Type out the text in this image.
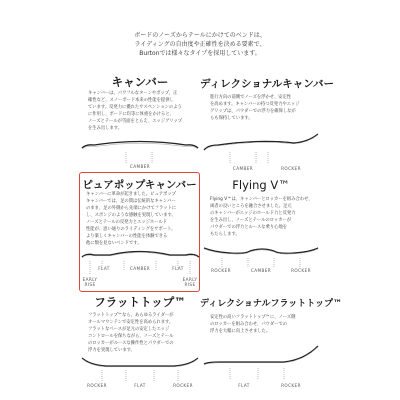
ボードのノーズからテールにかけてのベンドは、
ライディングの自由度や正確性を決める要素で、
Burtonでは様々なタイプを採用しています。
キャンバー
キャンバーは、パワフルなターンやポップ、正
確性など、スノーボード本来の性能を提供し
ています。反発力に優れたサスペンションのよう
に作用し、ボードに均等に体重をかけると、
ノーズとテールが雪面をとらえ、エッジグリップ
を生み出します。
CAMBER
ディレクショナルキャンバー
進行方向の前側でノーズを浮かせ、安定性
を高めます。キャンバーの持つ反発力やエッジ
グリップは、パウダーでの浮力を確保しなが
らも保持しています。
CAMBER	ROCKER
ピュアポップキャンバー
キャンバーに革命が起きました。ピュアポップ
キャンバーでは、足の間は伝統的なキャンバー
のまま、足の外側から先端にかけてフラットに
し、スポンジのような感触を実現しています。
ノーズとテールの反発力とエッジホールド
性能が、思い通りのライディングをサポート。
より楽しくキャンバーの性能を体験できる
他に類を見ないベンドです。
FLAT	CAMBER	FLAT
EARLY RISE
EARLY RISE
Flying V™
Flying V™は、キャンバーとロッカーを組み合わせ、
両者の良いところを融合させました。足元
のキャンバーがエッジのホールド力と反発力
を生み出し、ノーズとテールのロッカーが
パウダーでの浮力とルースな乗り心地を
もたらします。
ROCKER	CAMBER	ROCKER
フラットトップ™
フラットトップ™なら、あらゆるライダーが
オールマウンテンで安定性を高められます。
フラットなベースが足元の安定したエッジ
コントロールを保ちながら、ノーズとテール
のロッカーがルースな操作性とパウダーでの
浮力を実現しています。
ROCKER	FLAT	ROCKER
ディレクショナルフラットトップ™
安定性の高いフラットトップ™に、ノーズ側
のロッカーを組み合わせ、パウダーでの
浮力を大幅に向上させました。
FLAT	ROCKER
